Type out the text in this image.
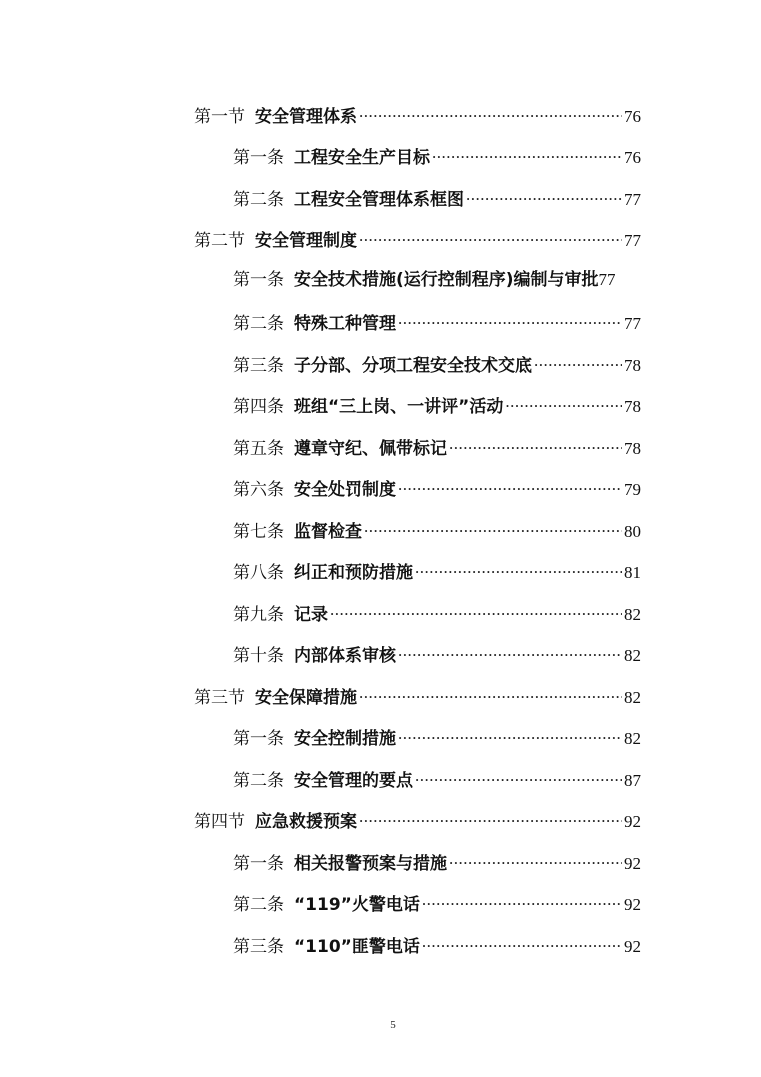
第一节 安全管理体系 .....	76
第一条 工程安全生产目标 .....	76
第二条 工程安全管理体系框图 .....	77
第二节 安全管理制度 .....	77
第一条 安全技术措施(运行控制程序)编制与审批 77
第二条 特殊工种管理 .....	77
第三条 子分部、分项工程安全技术交底 .....	78
第四条 班组“三上岗、一讲评”活动 .....	78
第五条 遵章守纪、佩带标记 .....	78
第六条 安全处罚制度 .....	79
第七条 监督检查 .....	80
第八条 纠正和预防措施 .....	81
第九条 记录 .....	82
第十条 内部体系审核 .....	82
第三节 安全保障措施 .....	82
第一条 安全控制措施 .....	82
第二条 安全管理的要点 .....	87
第四节 应急救援预案 .....	92
第一条 相关报警预案与措施 .....	92
第二条 “119”火警电话 .....	92
第三条 “110”匪警电话 .....	92
5
